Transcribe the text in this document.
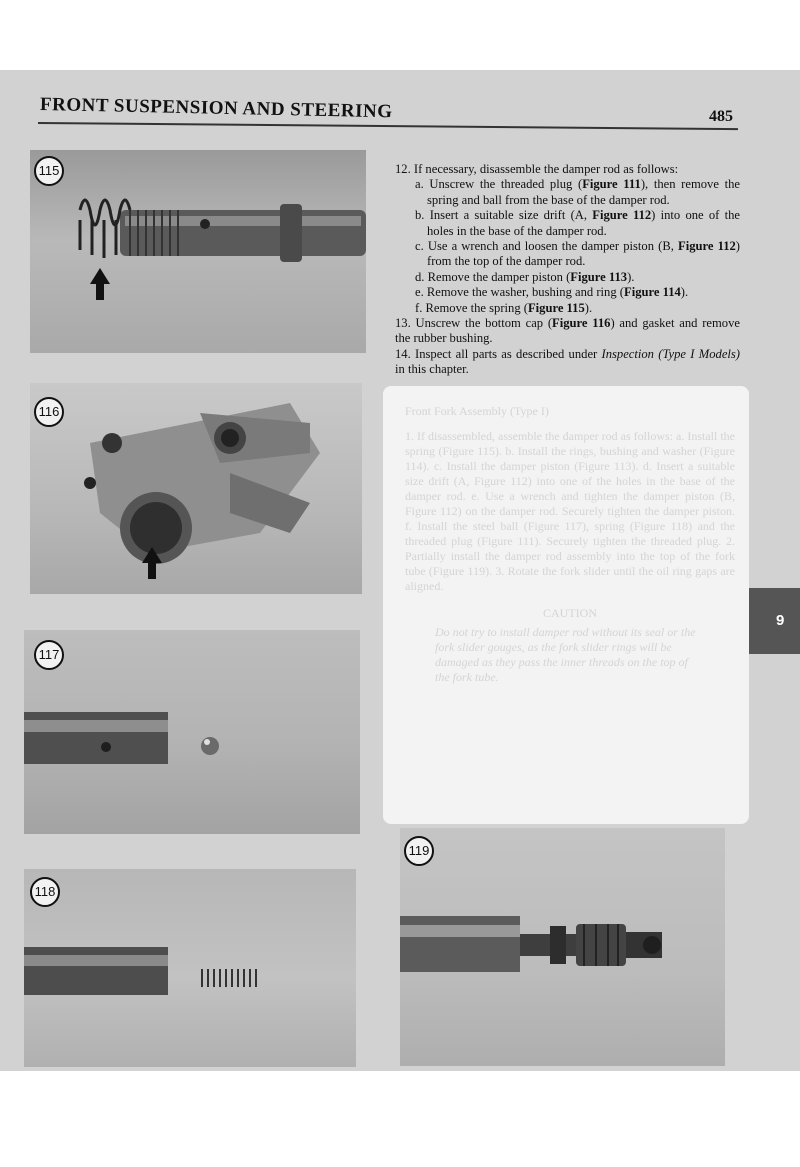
FRONT SUSPENSION AND STEERING	485
115
116
117
118
119

12. If necessary, disassemble the damper rod as follows:

a. Unscrew the threaded plug (Figure 111), then remove the spring and ball from the base of the damper rod.

b. Insert a suitable size drift (A, Figure 112) into one of the holes in the base of the damper rod.

c. Use a wrench and loosen the damper piston (B, Figure 112) from the top of the damper rod.

d. Remove the damper piston (Figure 113).

e. Remove the washer, bushing and ring (Figure 114).

f. Remove the spring (Figure 115).

13. Unscrew the bottom cap (Figure 116) and gasket and remove the rubber bushing.

14. Inspect all parts as described under Inspection (Type I Models) in this chapter.

Front Fork Assembly (Type I)
1. If disassembled, assemble the damper rod as follows: a. Install the spring (Figure 115). b. Install the rings, bushing and washer (Figure 114). c. Install the damper piston (Figure 113). d. Insert a suitable size drift (A, Figure 112) into one of the holes in the base of the damper rod. e. Use a wrench and tighten the damper piston (B, Figure 112) on the damper rod. Securely tighten the damper piston. f. Install the steel ball (Figure 117), spring (Figure 118) and the threaded plug (Figure 111). Securely tighten the threaded plug. 2. Partially install the damper rod assembly into the top of the fork tube (Figure 119). 3. Rotate the fork slider until the oil ring gaps are aligned.
CAUTION
Do not try to install damper rod without its seal or the fork slider gouges, as the fork slider rings will be damaged as they pass the inner threads on the top of the fork tube.
9
